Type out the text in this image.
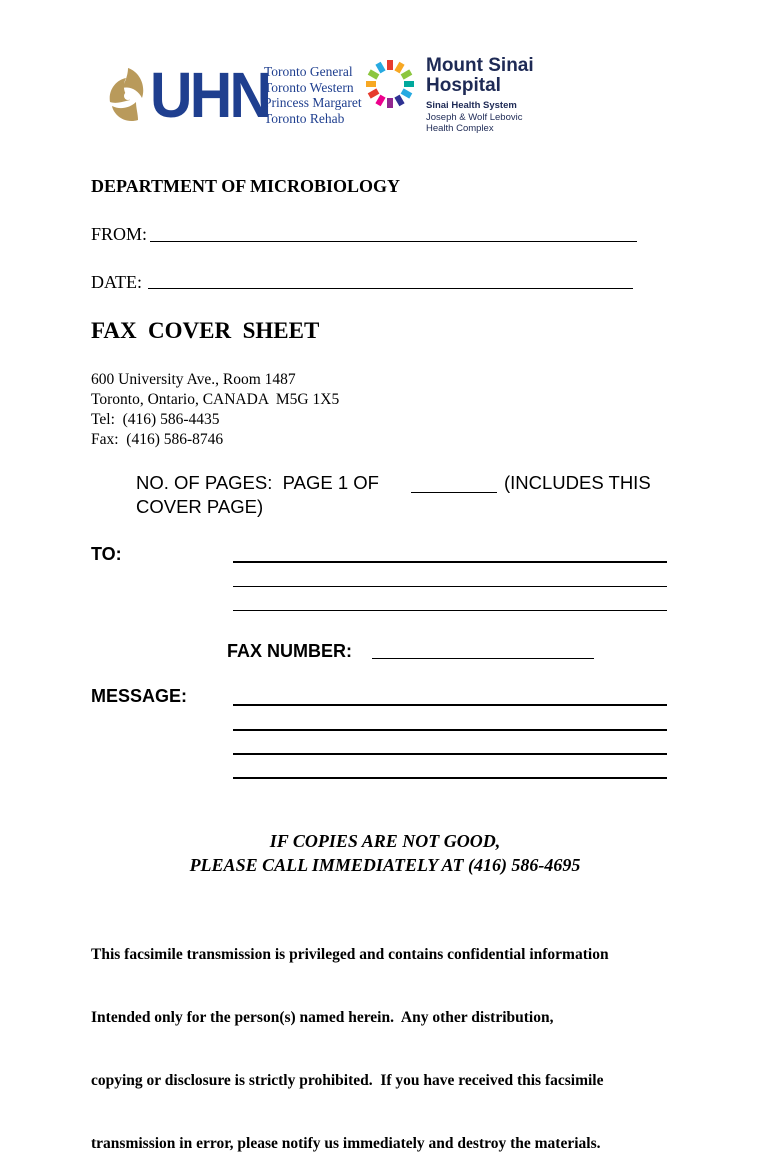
UHN
Toronto General
Toronto Western
Princess Margaret
Toronto Rehab
Mount Sinai
Hospital
Sinai Health System
Joseph & Wolf Lebovic
Health Complex
DEPARTMENT OF MICROBIOLOGY
FROM:
DATE:
FAX  COVER  SHEET
600 University Ave., Room 1487
Toronto, Ontario, CANADA  M5G 1X5
Tel:  (416) 586-4435
Fax:  (416) 586-8746
NO. OF PAGES:  PAGE 1 OF	(INCLUDES THIS
COVER PAGE)
TO:
FAX NUMBER:
MESSAGE:
IF COPIES ARE NOT GOOD,
PLEASE CALL IMMEDIATELY AT (416) 586-4695

This facsimile transmission is privileged and contains confidential information

Intended only for the person(s) named herein.  Any other distribution,

copying or disclosure is strictly prohibited.  If you have received this facsimile

transmission in error, please notify us immediately and destroy the materials.
